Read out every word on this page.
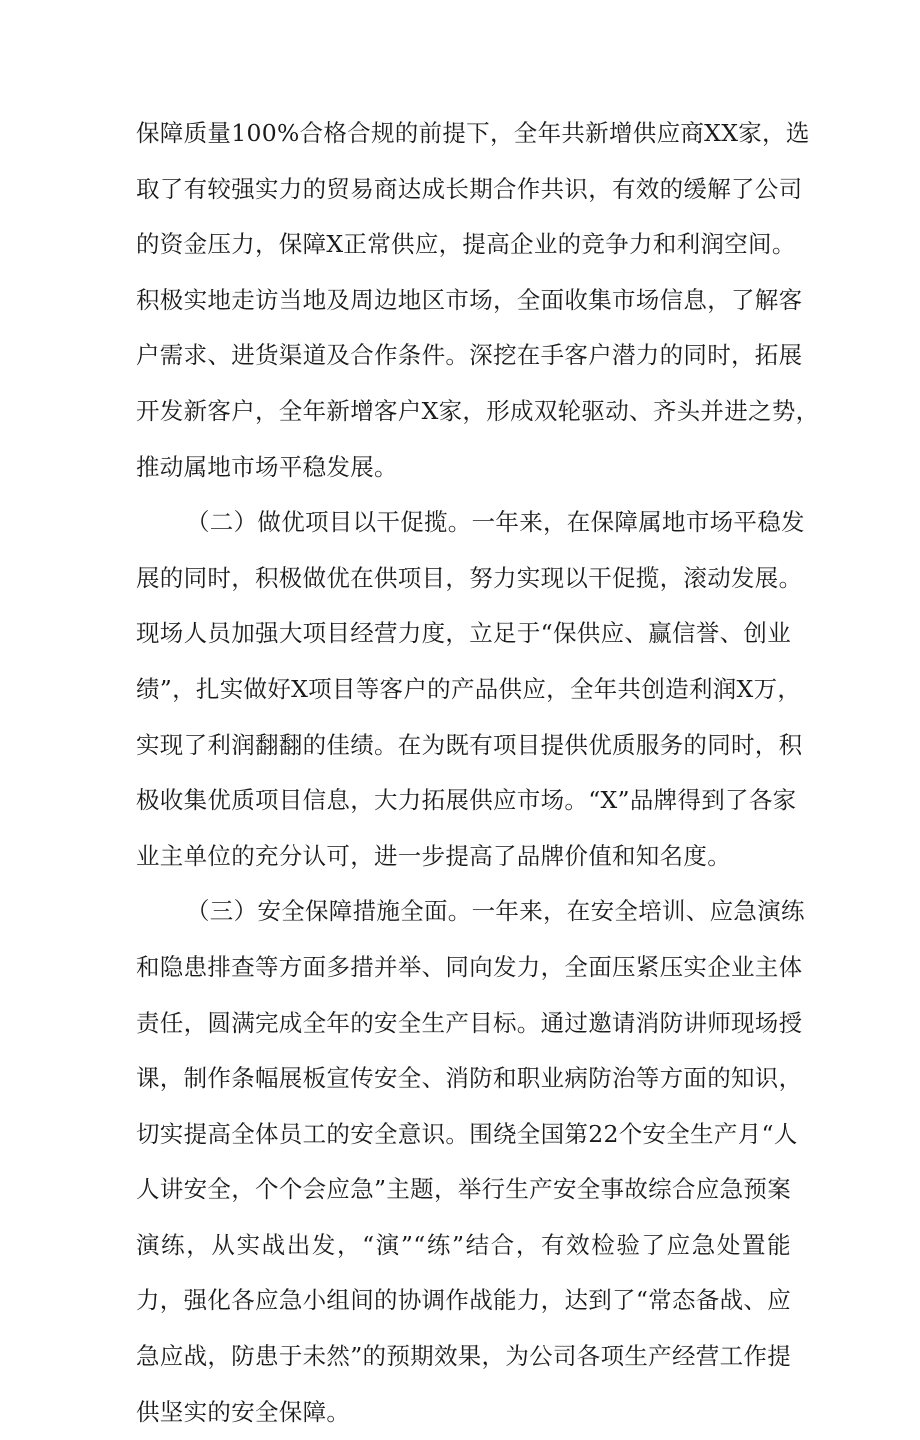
保障质量100%合格合规的前提下，全年共新增供应商XX家，选
取了有较强实力的贸易商达成长期合作共识，有效的缓解了公司
的资金压力，保障X正常供应，提高企业的竞争力和利润空间。
积极实地走访当地及周边地区市场，全面收集市场信息，了解客
户需求、进货渠道及合作条件。深挖在手客户潜力的同时，拓展
开发新客户，全年新增客户X家，形成双轮驱动、齐头并进之势，
推动属地市场平稳发展。
（二）做优项目以干促揽。一年来，在保障属地市场平稳发
展的同时，积极做优在供项目，努力实现以干促揽，滚动发展。
现场人员加强大项目经营力度，立足于“保供应、赢信誉、创业
绩”，扎实做好X项目等客户的产品供应，全年共创造利润X万，
实现了利润翻翻的佳绩。在为既有项目提供优质服务的同时，积
极收集优质项目信息，大力拓展供应市场。“X”品牌得到了各家
业主单位的充分认可，进一步提高了品牌价值和知名度。
（三）安全保障措施全面。一年来，在安全培训、应急演练
和隐患排查等方面多措并举、同向发力，全面压紧压实企业主体
责任，圆满完成全年的安全生产目标。通过邀请消防讲师现场授
课，制作条幅展板宣传安全、消防和职业病防治等方面的知识，
切实提高全体员工的安全意识。围绕全国第22个安全生产月“人
人讲安全，个个会应急”主题，举行生产安全事故综合应急预案
演练，从实战出发，“演”“练”结合，有效检验了应急处置能
力，强化各应急小组间的协调作战能力，达到了“常态备战、应
急应战，防患于未然”的预期效果，为公司各项生产经营工作提
供坚实的安全保障。
